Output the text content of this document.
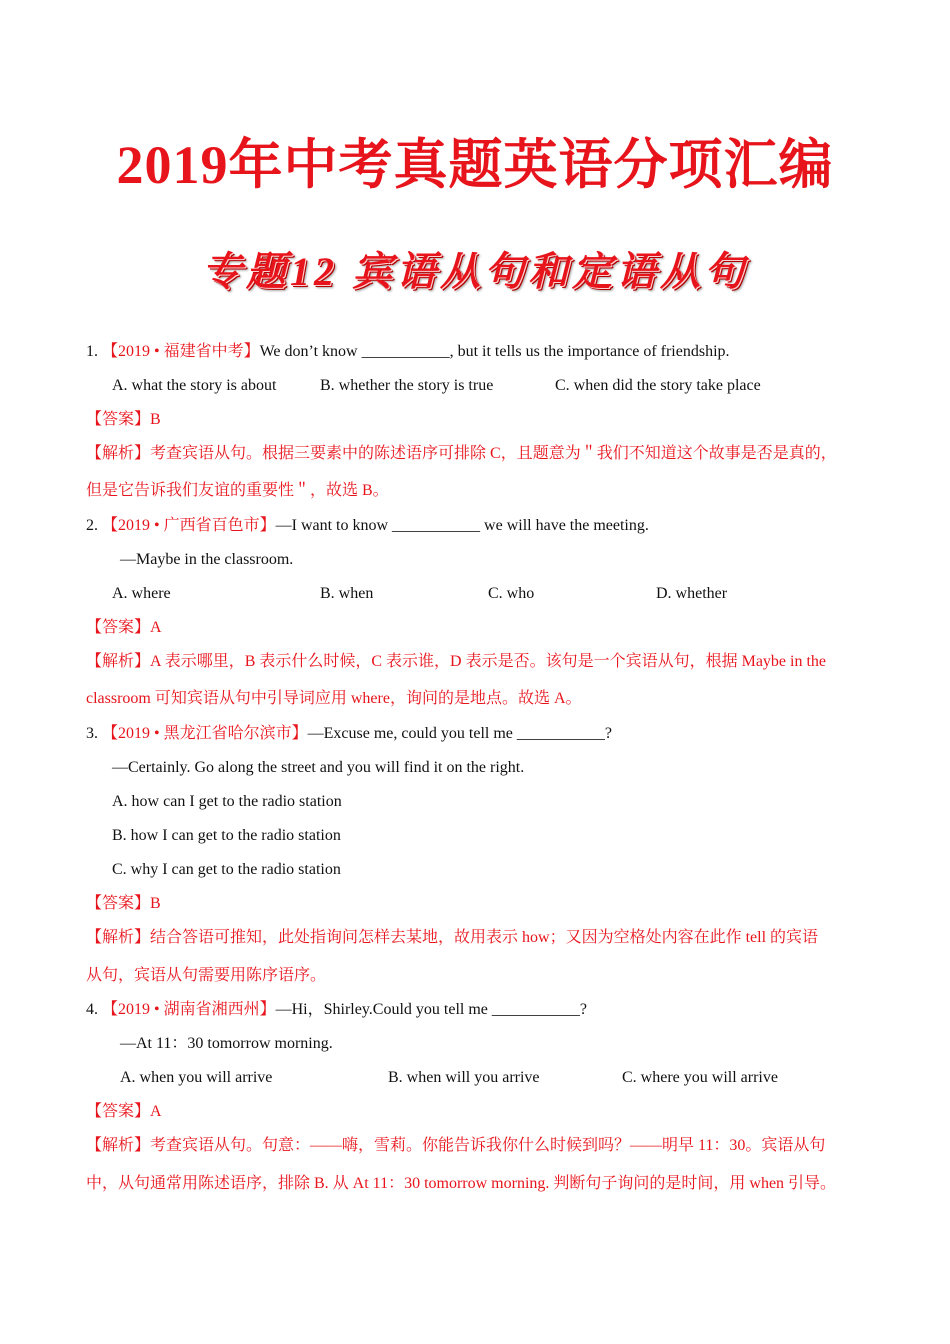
2019年中考真题英语分项汇编
专题12 宾语从句和定语从句
1. 【2019 • 福建省中考】We don’t know ___________, but it tells us the importance of friendship.
A. what the story is about	B. whether the story is true	C. when did the story take place
【答案】B
【解析】考查宾语从句。根据三要素中的陈述语序可排除 C，且题意为＂我们不知道这个故事是否是真的，
但是它告诉我们友谊的重要性＂，故选 B。
2. 【2019 • 广西省百色市】—I want to know ___________ we will have the meeting.
—Maybe in the classroom.
A. where	B. when	C. who	D. whether
【答案】A
【解析】A 表示哪里，B 表示什么时候，C 表示谁，D 表示是否。该句是一个宾语从句，根据 Maybe in the
classroom 可知宾语从句中引导词应用 where，询问的是地点。故选 A。
3. 【2019 • 黑龙江省哈尔滨市】—Excuse me, could you tell me ___________?
—Certainly. Go along the street and you will find it on the right.
A. how can I get to the radio station
B. how I can get to the radio station
C. why I can get to the radio station
【答案】B
【解析】结合答语可推知，此处指询问怎样去某地，故用表示 how；又因为空格处内容在此作 tell 的宾语
从句，宾语从句需要用陈序语序。
4. 【2019 • 湖南省湘西州】—Hi，Shirley.Could you tell me ___________?
—At 11：30 tomorrow morning.
A. when you will arrive	B. when will you arrive	C. where you will arrive
【答案】A
【解析】考查宾语从句。句意：——嗨，雪莉。你能告诉我你什么时候到吗？——明早 11：30。宾语从句
中，从句通常用陈述语序，排除 B. 从 At 11：30 tomorrow morning. 判断句子询问的是时间，用 when 引导。
